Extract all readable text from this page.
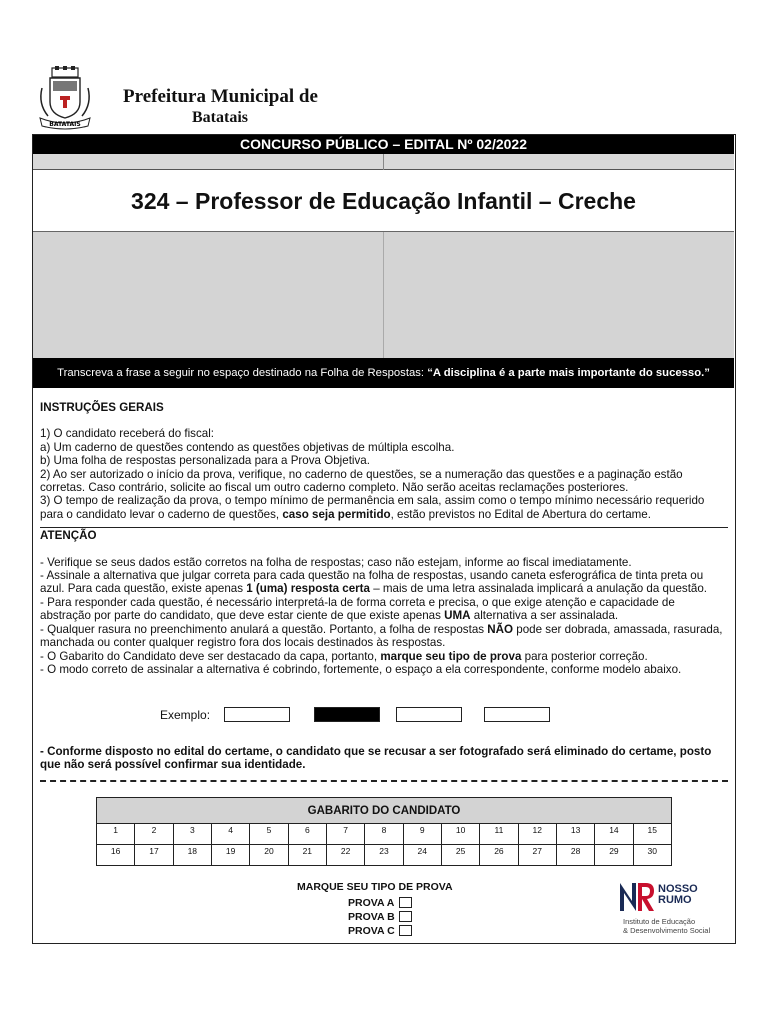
BATATAIS
Prefeitura Municipal de
Batatais
CONCURSO PÚBLICO – EDITAL Nº 02/2022
324 – Professor de Educação Infantil – Creche
Transcreva a frase a seguir no espaço destinado na Folha de Respostas: “A disciplina é a parte mais importante do sucesso.”
INSTRUÇÕES GERAIS

1) O candidato receberá do fiscal:

a) Um caderno de questões contendo as questões objetivas de múltipla escolha.

b) Uma folha de respostas personalizada para a Prova Objetiva.

2) Ao ser autorizado o início da prova, verifique, no caderno de questões, se a numeração das questões e a paginação estão corretas. Caso contrário, solicite ao fiscal um outro caderno completo. Não serão aceitas reclamações posteriores.

3) O tempo de realização da prova, o tempo mínimo de permanência em sala, assim como o tempo mínimo necessário requerido para o candidato levar o caderno de questões, caso seja permitido, estão previstos no Edital de Abertura do certame.

ATENÇÃO

- Verifique se seus dados estão corretos na folha de respostas; caso não estejam, informe ao fiscal imediatamente.

- Assinale a alternativa que julgar correta para cada questão na folha de respostas, usando caneta esferográfica de tinta preta ou azul. Para cada questão, existe apenas 1 (uma) resposta certa – mais de uma letra assinalada implicará a anulação da questão.

- Para responder cada questão, é necessário interpretá-la de forma correta e precisa, o que exige atenção e capacidade de abstração por parte do candidato, que deve estar ciente de que existe apenas UMA alternativa a ser assinalada.

- Qualquer rasura no preenchimento anulará a questão. Portanto, a folha de respostas NÃO pode ser dobrada, amassada, rasurada, manchada ou conter qualquer registro fora dos locais destinados às respostas.

- O Gabarito do Candidato deve ser destacado da capa, portanto, marque seu tipo de prova para posterior correção.

- O modo correto de assinalar a alternativa é cobrindo, fortemente, o espaço a ela correspondente, conforme modelo abaixo.

Exemplo:
- Conforme disposto no edital do certame, o candidato que se recusar a ser fotografado será eliminado do certame, posto que não será possível confirmar sua identidade.
GABARITO DO CANDIDATO
1	2	3	4	5	6	7	8	9	10	11	12	13	14	15
16	17	18	19	20	21	22	23	24	25	26	27	28	29	30
MARQUE SEU TIPO DE PROVA
PROVA A
PROVA B
PROVA C
NOSSO
RUMO
Instituto de Educação
& Desenvolvimento Social
